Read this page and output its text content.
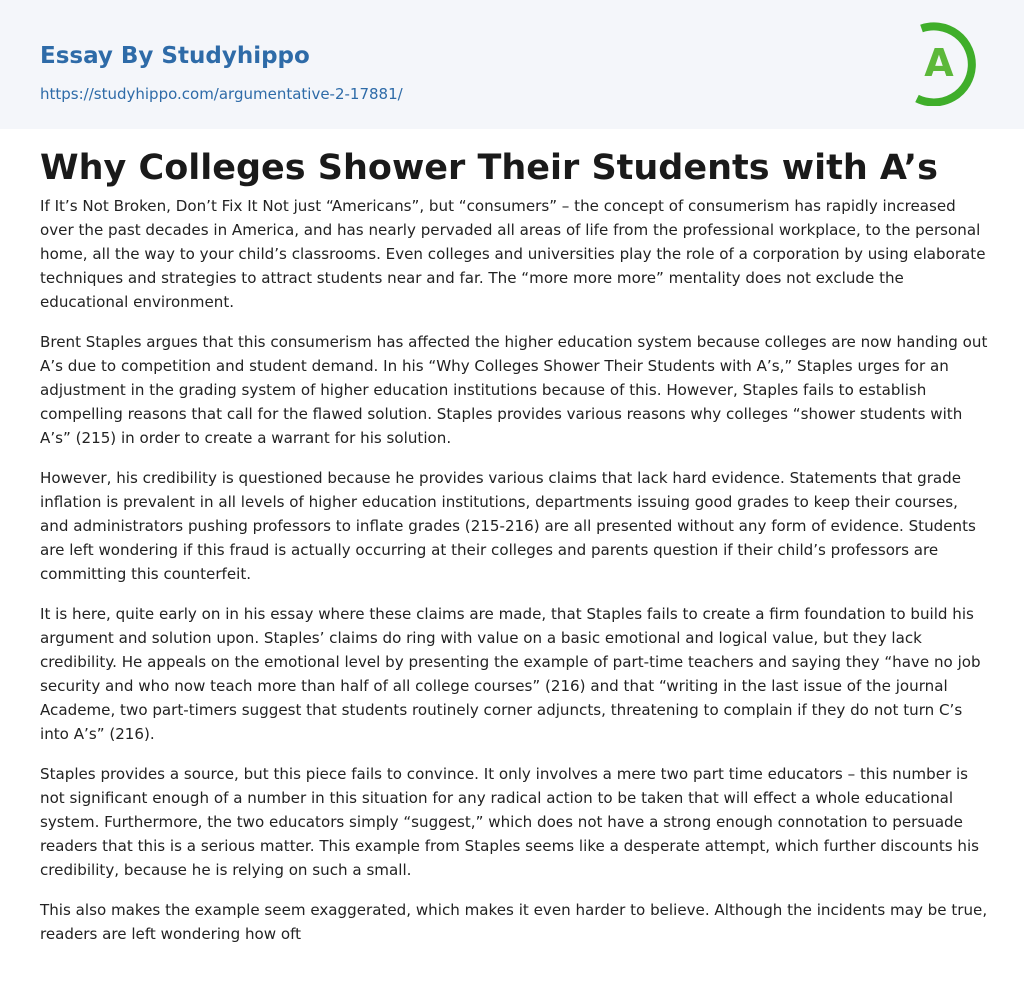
Essay By Studyhippo
https://studyhippo.com/argumentative-2-17881/
A
Why Colleges Shower Their Students with A’s

If It’s Not Broken, Don’t Fix It Not just “Americans”, but “consumers” – the concept of consumerism has rapidly increased over the past decades in America, and has nearly pervaded all areas of life from the professional workplace, to the personal home, all the way to your child’s classrooms. Even colleges and universities play the role of a corporation by using elaborate techniques and strategies to attract students near and far. The “more more more” mentality does not exclude the educational environment.

Brent Staples argues that this consumerism has affected the higher education system because colleges are now handing out A’s due to competition and student demand. In his “Why Colleges Shower Their Students with A’s,” Staples urges for an adjustment in the grading system of higher education institutions because of this. However, Staples fails to establish compelling reasons that call for the flawed solution. Staples provides various reasons why colleges “shower students with A’s” (215) in order to create a warrant for his solution.

However, his credibility is questioned because he provides various claims that lack hard evidence. Statements that grade inflation is prevalent in all levels of higher education institutions, departments issuing good grades to keep their courses, and administrators pushing professors to inflate grades (215-216) are all presented without any form of evidence. Students are left wondering if this fraud is actually occurring at their colleges and parents question if their child’s professors are committing this counterfeit.

It is here, quite early on in his essay where these claims are made, that Staples fails to create a firm foundation to build his argument and solution upon. Staples’ claims do ring with value on a basic emotional and logical value, but they lack credibility. He appeals on the emotional level by presenting the example of part-time teachers and saying they “have no job security and who now teach more than half of all college courses” (216) and that “writing in the last issue of the journal Academe, two part-timers suggest that students routinely corner adjuncts, threatening to complain if they do not turn C’s into A’s” (216).

Staples provides a source, but this piece fails to convince. It only involves a mere two part time educators – this number is not significant enough of a number in this situation for any radical action to be taken that will effect a whole educational system. Furthermore, the two educators simply “suggest,” which does not have a strong enough connotation to persuade readers that this is a serious matter. This example from Staples seems like a desperate attempt, which further discounts his credibility, because he is relying on such a small.

This also makes the example seem exaggerated, which makes it even harder to believe. Although the incidents may be true, readers are left wondering how oft
